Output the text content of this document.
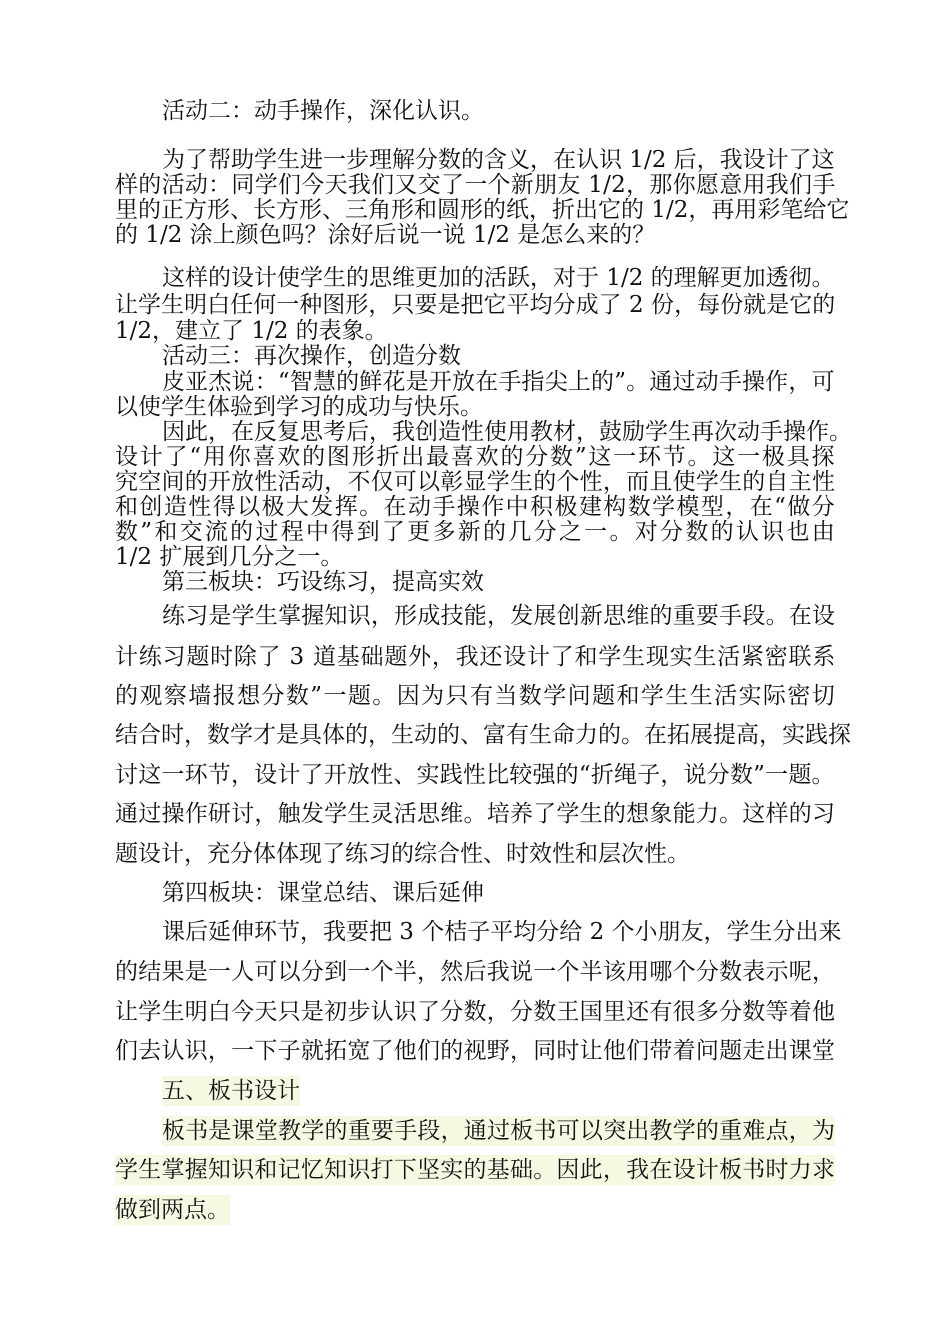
活动二：动手操作，深化认识。
为了帮助学生进一步理解分数的含义，在认识 1/2 后，我设计了这
样的活动：同学们今天我们又交了一个新朋友 1/2，那你愿意用我们手
里的正方形、长方形、三角形和圆形的纸，折出它的 1/2，再用彩笔给它
的 1/2 涂上颜色吗？涂好后说一说 1/2 是怎么来的？
这样的设计使学生的思维更加的活跃，对于 1/2 的理解更加透彻。
让学生明白任何一种图形，只要是把它平均分成了 2 份，每份就是它的
1/2，建立了 1/2 的表象。
活动三：再次操作，创造分数
皮亚杰说：“智慧的鲜花是开放在手指尖上的”。通过动手操作，可
以使学生体验到学习的成功与快乐。
因此，在反复思考后，我创造性使用教材，鼓励学生再次动手操作。
设计了“用你喜欢的图形折出最喜欢的分数”这一环节。这一极具探
究空间的开放性活动，不仅可以彰显学生的个性，而且使学生的自主性
和创造性得以极大发挥。在动手操作中积极建构数学模型，在“做分
数”和交流的过程中得到了更多新的几分之一。对分数的认识也由
1/2 扩展到几分之一。
第三板块：巧设练习，提高实效
练习是学生掌握知识，形成技能，发展创新思维的重要手段。在设
计练习题时除了 3 道基础题外，我还设计了和学生现实生活紧密联系
的观察墙报想分数”一题。因为只有当数学问题和学生生活实际密切
结合时，数学才是具体的，生动的、富有生命力的。在拓展提高，实践探
讨这一环节，设计了开放性、实践性比较强的“折绳子，说分数”一题。
通过操作研讨，触发学生灵活思维。培养了学生的想象能力。这样的习
题设计，充分体体现了练习的综合性、时效性和层次性。
第四板块：课堂总结、课后延伸
课后延伸环节，我要把 3 个桔子平均分给 2 个小朋友，学生分出来
的结果是一人可以分到一个半，然后我说一个半该用哪个分数表示呢，
让学生明白今天只是初步认识了分数，分数王国里还有很多分数等着他
们去认识，一下子就拓宽了他们的视野，同时让他们带着问题走出课堂
五、板书设计
板书是课堂教学的重要手段，通过板书可以突出教学的重难点，为
学生掌握知识和记忆知识打下坚实的基础。因此，我在设计板书时力求
做到两点。
